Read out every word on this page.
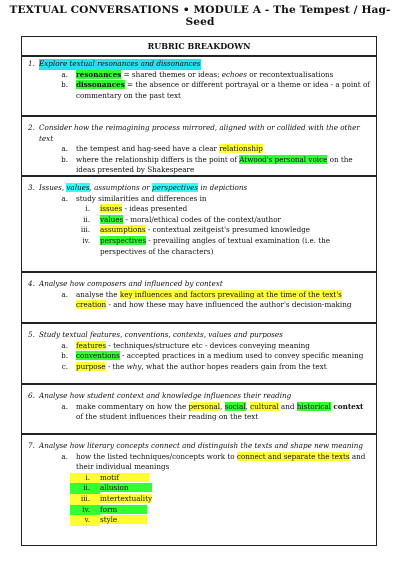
TEXTUAL CONVERSATIONS • MODULE A - The Tempest / Hag-Seed
RUBRIC BREAKDOWN
1. Explore textual resonances and dissonances
a.	resonances = shared themes or ideas; echoes or recontextualisations
b.	dissonances = the absence or different portrayal or a theme or idea - a point of commentary on the past text
2. Consider how the reimagining process mirrored, aligned with or collided with the other text
a.	the tempest and hag-seed have a clear relationship
b.	where the relationship differs is the point of Atwood's personal voice on the ideas presented by Shakespeare
3. Issues, values, assumptions or perspectives in depictions
a.	study similarities and differences in
i.	issues - ideas presented
ii.	values - moral/ethical codes of the context/author
iii.	assumptions - contextual zeitgeist's presumed knowledge
iv.	perspectives - prevailing angles of textual examination (i.e. the perspectives of the characters)
4. Analyse how composers and influenced by context
a.	analyse the key influences and factors prevailing at the time of the text's creation - and how these may have influenced the author's decision-making
5. Study textual features, conventions, contexts, values and purposes
a.	features - techniques/structure etc - devices conveying meaning
b.	conventions - accepted practices in a medium used to convey specific meaning
c.	purpose - the why, what the author hopes readers gain from the text
6. Analyse how student context and knowledge influences their reading
a.	make commentary on how the personal, social, cultural and historical context of the student influences their reading on the text
7. Analyse how literary concepts connect and distinguish the texts and shape new meaning
a.	how the listed techniques/concepts work to connect and separate the texts and their individual meanings
i.	motif
ii.	allusion
iii.	intertextuality
iv.	form
v.	style
